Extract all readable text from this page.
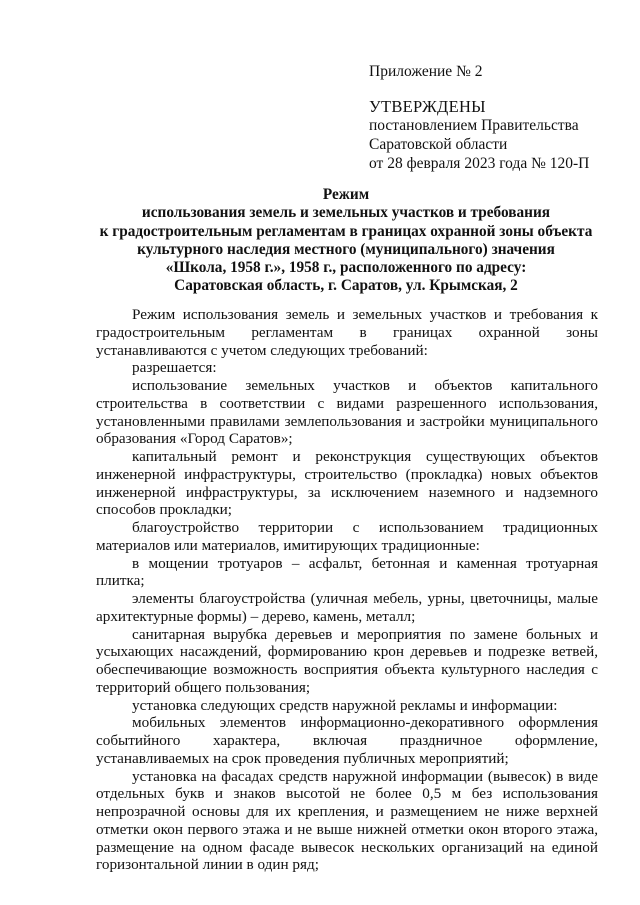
Приложение № 2
УТВЕРЖДЕНЫ
постановлением Правительства
Саратовской области
от 28 февраля 2023 года № 120-П
Режим
использования земель и земельных участков и требования
к градостроительным регламентам в границах охранной зоны объекта
культурного наследия местного (муниципального) значения
«Школа, 1958 г.», 1958 г., расположенного по адресу:
Саратовская область, г. Саратов, ул. Крымская, 2

Режим использования земель и земельных участков и требования к градостроительным регламентам в границах охранной зоны устанавливаются с учетом следующих требований:

разрешается:

использование земельных участков и объектов капитального строительства в соответствии с видами разрешенного использования, установленными правилами землепользования и застройки муниципального образования «Город Саратов»;

капитальный ремонт и реконструкция существующих объектов инженерной инфраструктуры, строительство (прокладка) новых объектов инженерной инфраструктуры, за исключением наземного и надземного способов прокладки;

благоустройство территории с использованием традиционных материалов или материалов, имитирующих традиционные:

в мощении тротуаров – асфальт, бетонная и каменная тротуарная плитка;

элементы благоустройства (уличная мебель, урны, цветочницы, малые архитектурные формы) – дерево, камень, металл;

санитарная вырубка деревьев и мероприятия по замене больных и усыхающих насаждений, формированию крон деревьев и подрезке ветвей, обеспечивающие возможность восприятия объекта культурного наследия с территорий общего пользования;

установка следующих средств наружной рекламы и информации:

мобильных элементов информационно-декоративного оформления событийного характера, включая праздничное оформление, устанавливаемых на срок проведения публичных мероприятий;

установка на фасадах средств наружной информации (вывесок) в виде отдельных букв и знаков высотой не более 0,5 м без использования непрозрачной основы для их крепления, и размещением не ниже верхней отметки окон первого этажа и не выше нижней отметки окон второго этажа, размещение на одном фасаде вывесок нескольких организаций на единой горизонтальной линии в один ряд;
